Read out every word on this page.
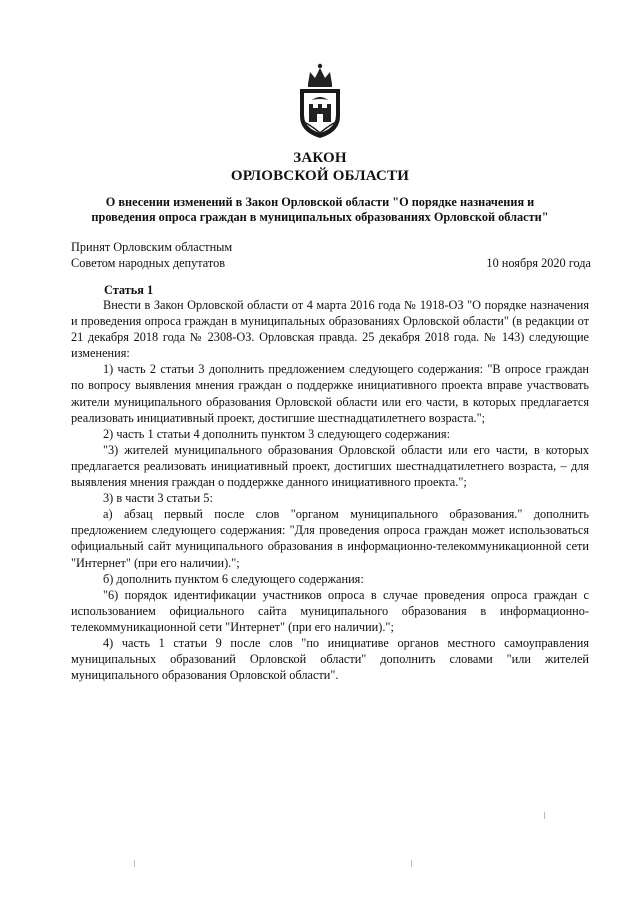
ЗАКОН
ОРЛОВСКОЙ ОБЛАСТИ
О внесении изменений в Закон Орловской области "О порядке назначения и проведения опроса граждан в муниципальных образованиях Орловской области"
Принят Орловским областным
Советом народных депутатов	10 ноября 2020 года
Статья 1

Внести в Закон Орловской области от 4 марта 2016 года № 1918-ОЗ "О порядке назначения и проведения опроса граждан в муниципальных образованиях Орловской области" (в редакции от 21 декабря 2018 года № 2308-ОЗ. Орловская правда. 25 декабря 2018 года. № 143) следующие изменения:

1) часть 2 статьи 3 дополнить предложением следующего содержания: "В опросе граждан по вопросу выявления мнения граждан о поддержке инициативного проекта вправе участвовать жители муниципального образования Орловской области или его части, в которых предлагается реализовать инициативный проект, достигшие шестнадцатилетнего возраста.";

2) часть 1 статьи 4 дополнить пунктом 3 следующего содержания:

"3) жителей муниципального образования Орловской области или его части, в которых предлагается реализовать инициативный проект, достигших шестнадцатилетнего возраста, – для выявления мнения граждан о поддержке данного инициативного проекта.";

3) в части 3 статьи 5:

а) абзац первый после слов "органом муниципального образования." дополнить предложением следующего содержания: "Для проведения опроса граждан может использоваться официальный сайт муниципального образования в информационно-телекоммуникационной сети "Интернет" (при его наличии).";

б) дополнить пунктом 6 следующего содержания:

"6) порядок идентификации участников опроса в случае проведения опроса граждан с использованием официального сайта муниципального образования в информационно-телекоммуникационной сети "Интернет" (при его наличии).";

4) часть 1 статьи 9 после слов "по инициативе органов местного самоуправления муниципальных образований Орловской области" дополнить словами "или жителей муниципального образования Орловской области".
